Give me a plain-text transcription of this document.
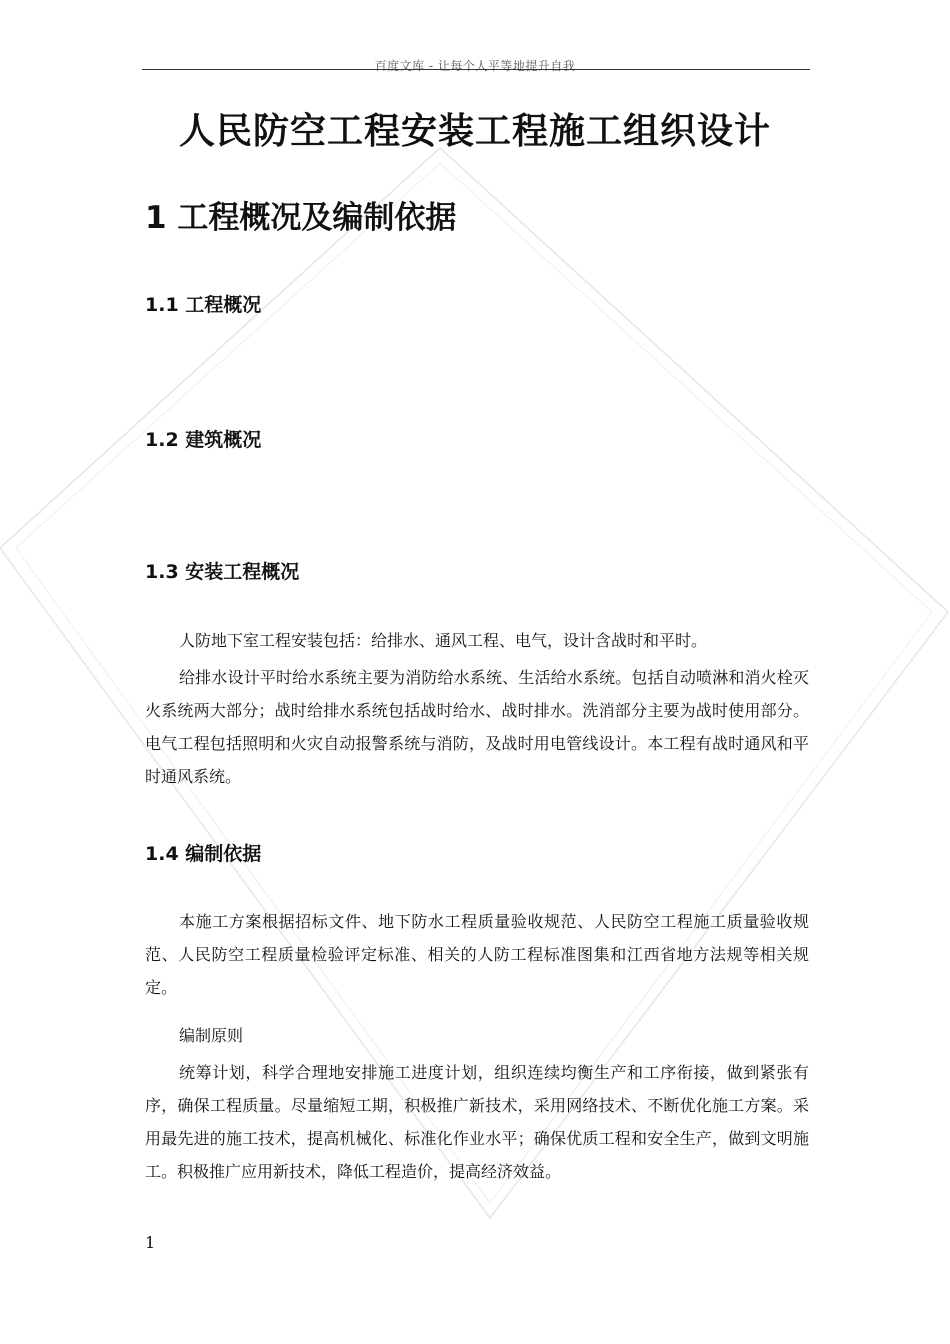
百度文库 - 让每个人平等地提升自我
人民防空工程安装工程施工组织设计
1 工程概况及编制依据
1.1 工程概况
1.2 建筑概况
1.3 安装工程概况

人防地下室工程安装包括：给排水、通风工程、电气，设计含战时和平时。

给排水设计平时给水系统主要为消防给水系统、生活给水系统。包括自动喷淋和消火栓灭火系统两大部分；战时给排水系统包括战时给水、战时排水。洗消部分主要为战时使用部分。电气工程包括照明和火灾自动报警系统与消防，及战时用电管线设计。本工程有战时通风和平时通风系统。

1.4 编制依据

本施工方案根据招标文件、地下防水工程质量验收规范、人民防空工程施工质量验收规范、人民防空工程质量检验评定标准、相关的人防工程标准图集和江西省地方法规等相关规定。

编制原则

统筹计划，科学合理地安排施工进度计划，组织连续均衡生产和工序衔接，做到紧张有序，确保工程质量。尽量缩短工期，积极推广新技术，采用网络技术、不断优化施工方案。采用最先进的施工技术，提高机械化、标准化作业水平；确保优质工程和安全生产，做到文明施工。积极推广应用新技术，降低工程造价，提高经济效益。

1
